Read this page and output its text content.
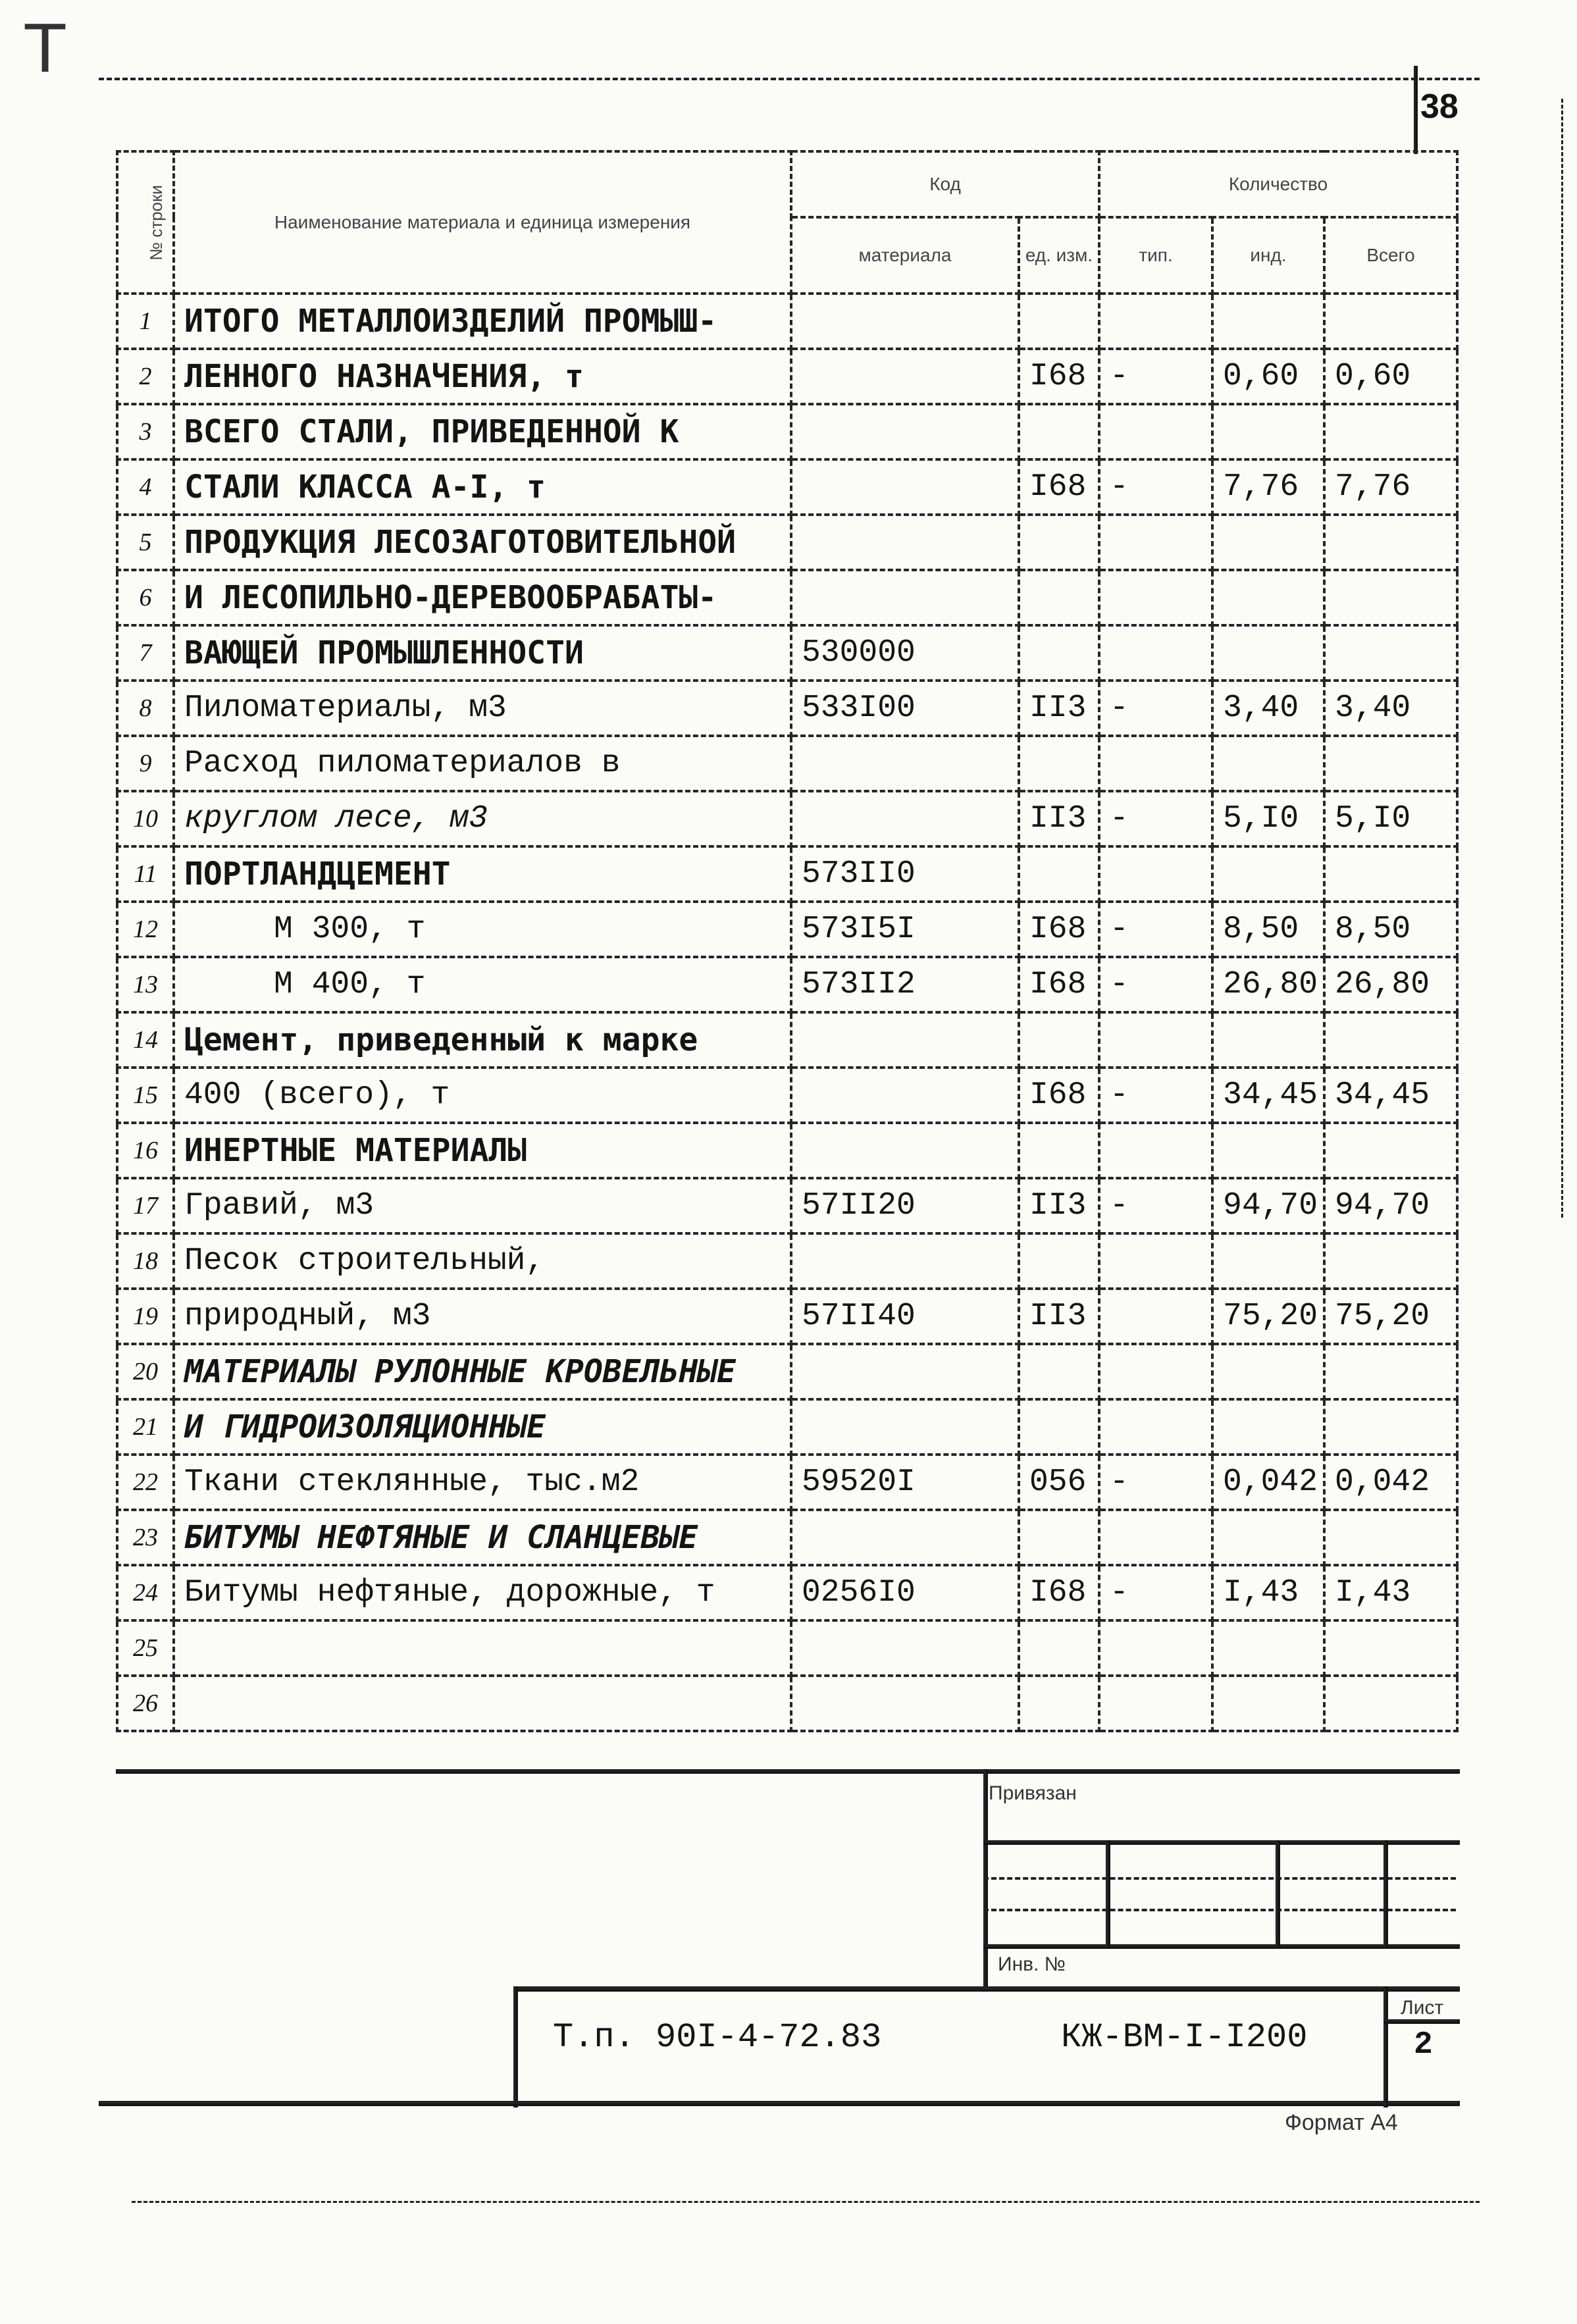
Т
38
№ строки	Наименование материала и единица измерения	Код		Количество		
		материала	ед. изм.	тип.	инд.	Всего
1	ИТОГО МЕТАЛЛОИЗДЕЛИЙ ПРОМЫШ-					
2	ЛЕННОГО НАЗНАЧЕНИЯ, т		I68	-	0,60	0,60
3	ВСЕГО СТАЛИ, ПРИВЕДЕННОЙ К					
4	СТАЛИ КЛАССА А-I, т		I68	-	7,76	7,76
5	ПРОДУКЦИЯ ЛЕСОЗАГОТОВИТЕЛЬНОЙ					
6	И ЛЕСОПИЛЬНО-ДЕРЕВООБРАБАТЫ-					
7	ВАЮЩЕЙ ПРОМЫШЛЕННОСТИ	530000				
8	Пиломатериалы, м3	533I00	II3	-	3,40	3,40
9	Расход пиломатериалов в					
10	круглом лесе, м3		II3	-	5,I0	5,I0
11	ПОРТЛАНДЦЕМЕНТ	573II0				
12	М 300, т	573I5I	I68	-	8,50	8,50
13	М 400, т	573II2	I68	-	26,80	26,80
14	Цемент, приведенный к марке					
15	400 (всего), т		I68	-	34,45	34,45
16	ИНЕРТНЫЕ МАТЕРИАЛЫ					
17	Гравий, м3	57II20	II3	-	94,70	94,70
18	Песок строительный,					
19	природный, м3	57II40	II3		75,20	75,20
20	МАТЕРИАЛЫ РУЛОННЫЕ КРОВЕЛЬНЫЕ					
21	И ГИДРОИЗОЛЯЦИОННЫЕ					
22	Ткани стеклянные, тыс.м2	59520I	056	-	0,042	0,042
23	БИТУМЫ НЕФТЯНЫЕ И СЛАНЦЕВЫЕ					
24	Битумы нефтяные, дорожные, т	0256I0	I68	-	I,43	I,43
25						
26						
Привязан
Инв. №
Т.п. 90I-4-72.83	КЖ-ВМ-I-I200
Лист
2
Формат А4
